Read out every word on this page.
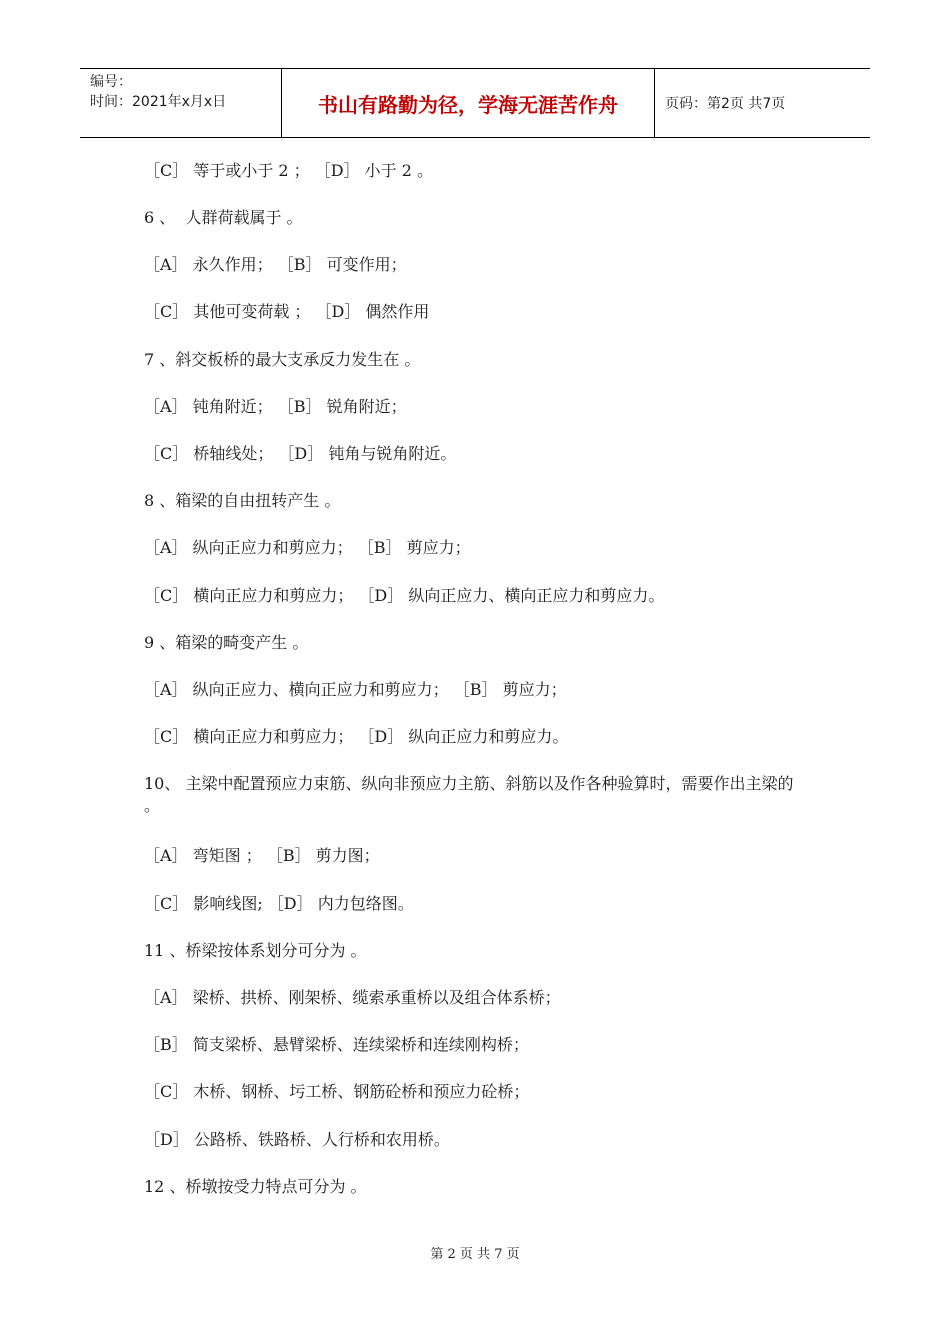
编号：
时间：2021年x月x日	书山有路勤为径，学海无涯苦作舟	页码：第2页 共7页
［C］ 等于或小于 2 ； ［D］ 小于 2 。
6 、  人群荷载属于 。
［A］ 永久作用； ［B］ 可变作用；
［C］ 其他可变荷载 ； ［D］ 偶然作用
7 、斜交板桥的最大支承反力发生在 。
［A］ 钝角附近； ［B］ 锐角附近；
［C］ 桥轴线处； ［D］ 钝角与锐角附近。
8 、箱梁的自由扭转产生 。
［A］ 纵向正应力和剪应力； ［B］ 剪应力；
［C］ 横向正应力和剪应力； ［D］ 纵向正应力、横向正应力和剪应力。
9 、箱梁的畸变产生 。
［A］ 纵向正应力、横向正应力和剪应力； ［B］ 剪应力；
［C］ 横向正应力和剪应力； ［D］ 纵向正应力和剪应力。
10、 主梁中配置预应力束筋、纵向非预应力主筋、斜筋以及作各种验算时，需要作出主梁的 。
［A］ 弯矩图 ； ［B］ 剪力图；
［C］ 影响线图; ［D］ 内力包络图。
11 、桥梁按体系划分可分为 。
［A］ 梁桥、拱桥、刚架桥、缆索承重桥以及组合体系桥；
［B］ 简支梁桥、悬臂梁桥、连续梁桥和连续刚构桥；
［C］ 木桥、钢桥、圬工桥、钢筋砼桥和预应力砼桥；
［D］ 公路桥、铁路桥、人行桥和农用桥。
12 、桥墩按受力特点可分为 。
第 2 页 共 7 页
